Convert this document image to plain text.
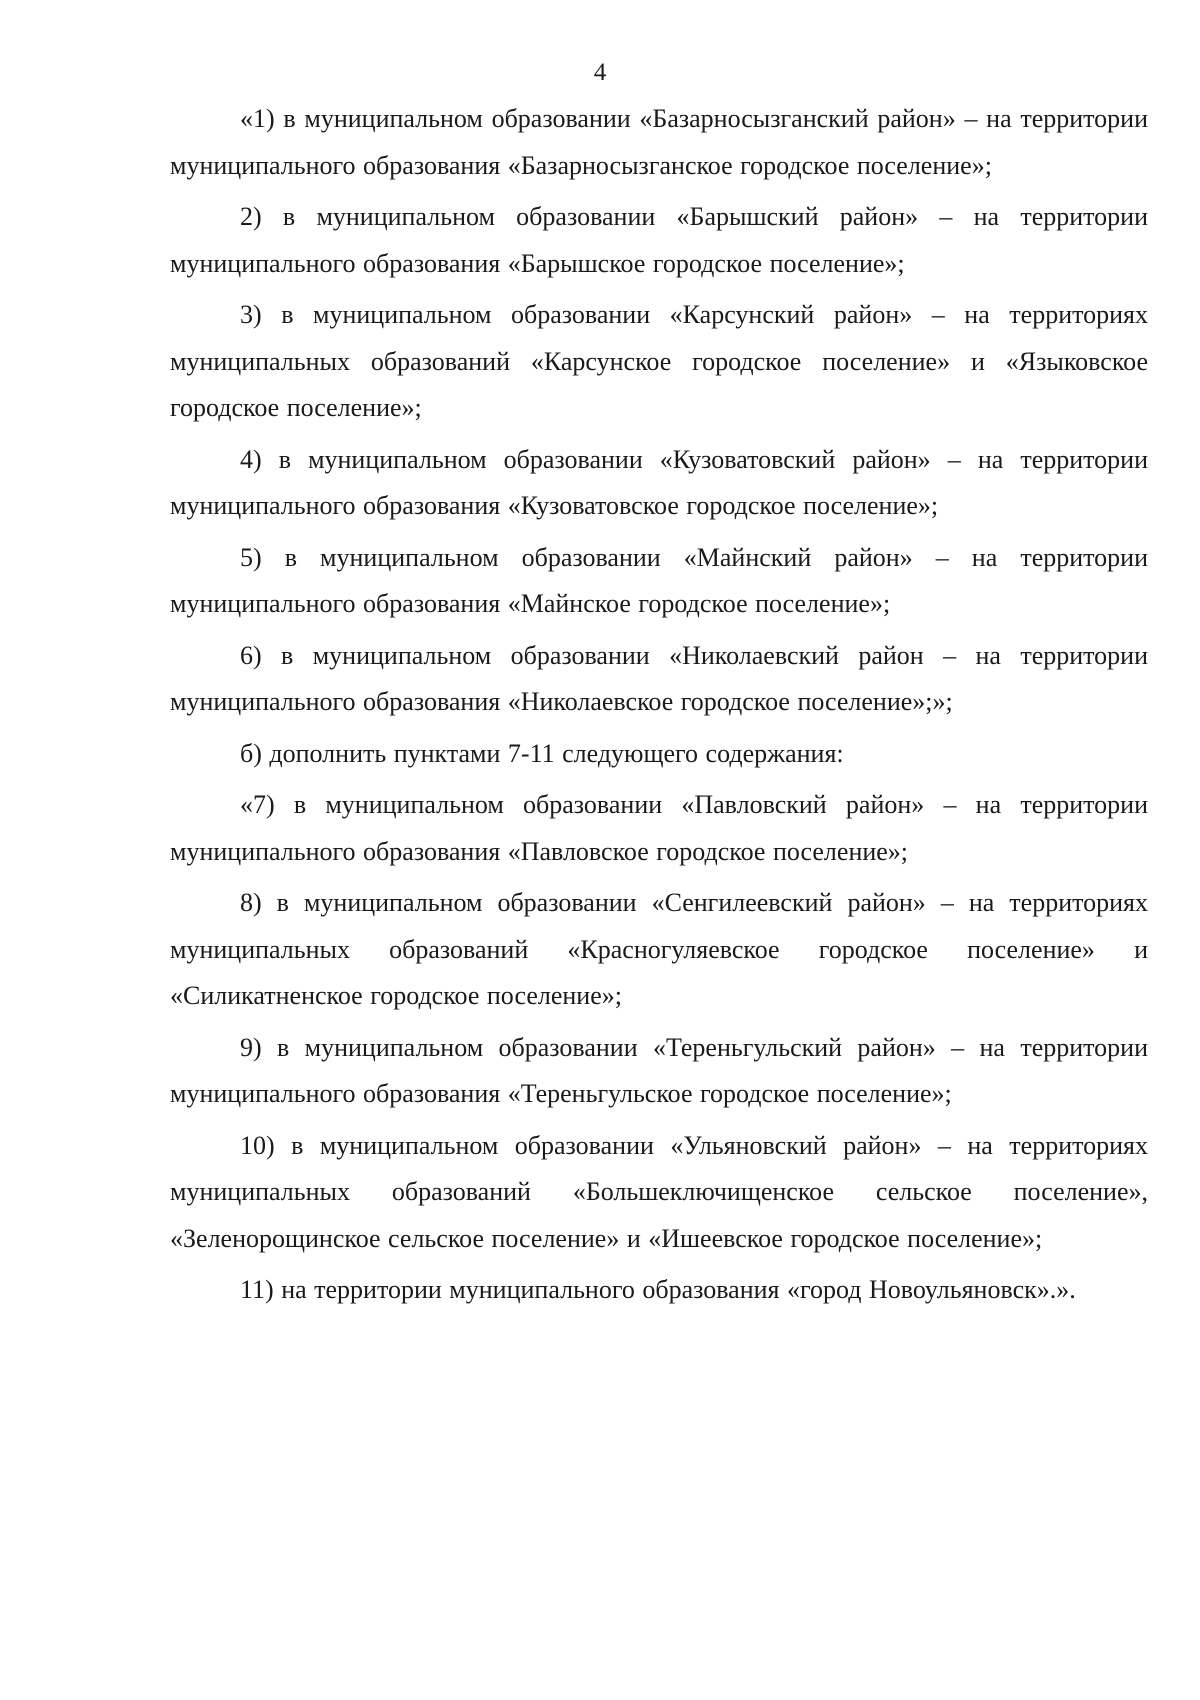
4

«1) в муниципальном образовании «Базарносызганский район» – на территории муниципального образования «Базарносызганское городское поселение»;

2) в муниципальном образовании «Барышский район» – на территории муниципального образования «Барышское городское поселение»;

3) в муниципальном образовании «Карсунский район» – на территориях муниципальных образований «Карсунское городское поселение» и «Языковское городское поселение»;

4) в муниципальном образовании «Кузоватовский район» – на территории муниципального образования «Кузоватовское городское поселение»;

5) в муниципальном образовании «Майнский район» – на территории муниципального образования «Майнское городское поселение»;

6) в муниципальном образовании «Николаевский район – на территории муниципального образования «Николаевское городское поселение»;»;

б) дополнить пунктами 7-11 следующего содержания:

«7) в муниципальном образовании «Павловский район» – на территории муниципального образования «Павловское городское поселение»;

8) в муниципальном образовании «Сенгилеевский район» – на территориях муниципальных образований «Красногуляевское городское поселение» и «Силикатненское городское поселение»;

9) в муниципальном образовании «Тереньгульский район» – на территории муниципального образования «Тереньгульское городское поселение»;

10) в муниципальном образовании «Ульяновский район» – на территориях муниципальных образований «Большеключищенское сельское поселение», «Зеленорощинское сельское поселение» и «Ишеевское городское поселение»;

11) на территории муниципального образования «город Новоульяновск».».
